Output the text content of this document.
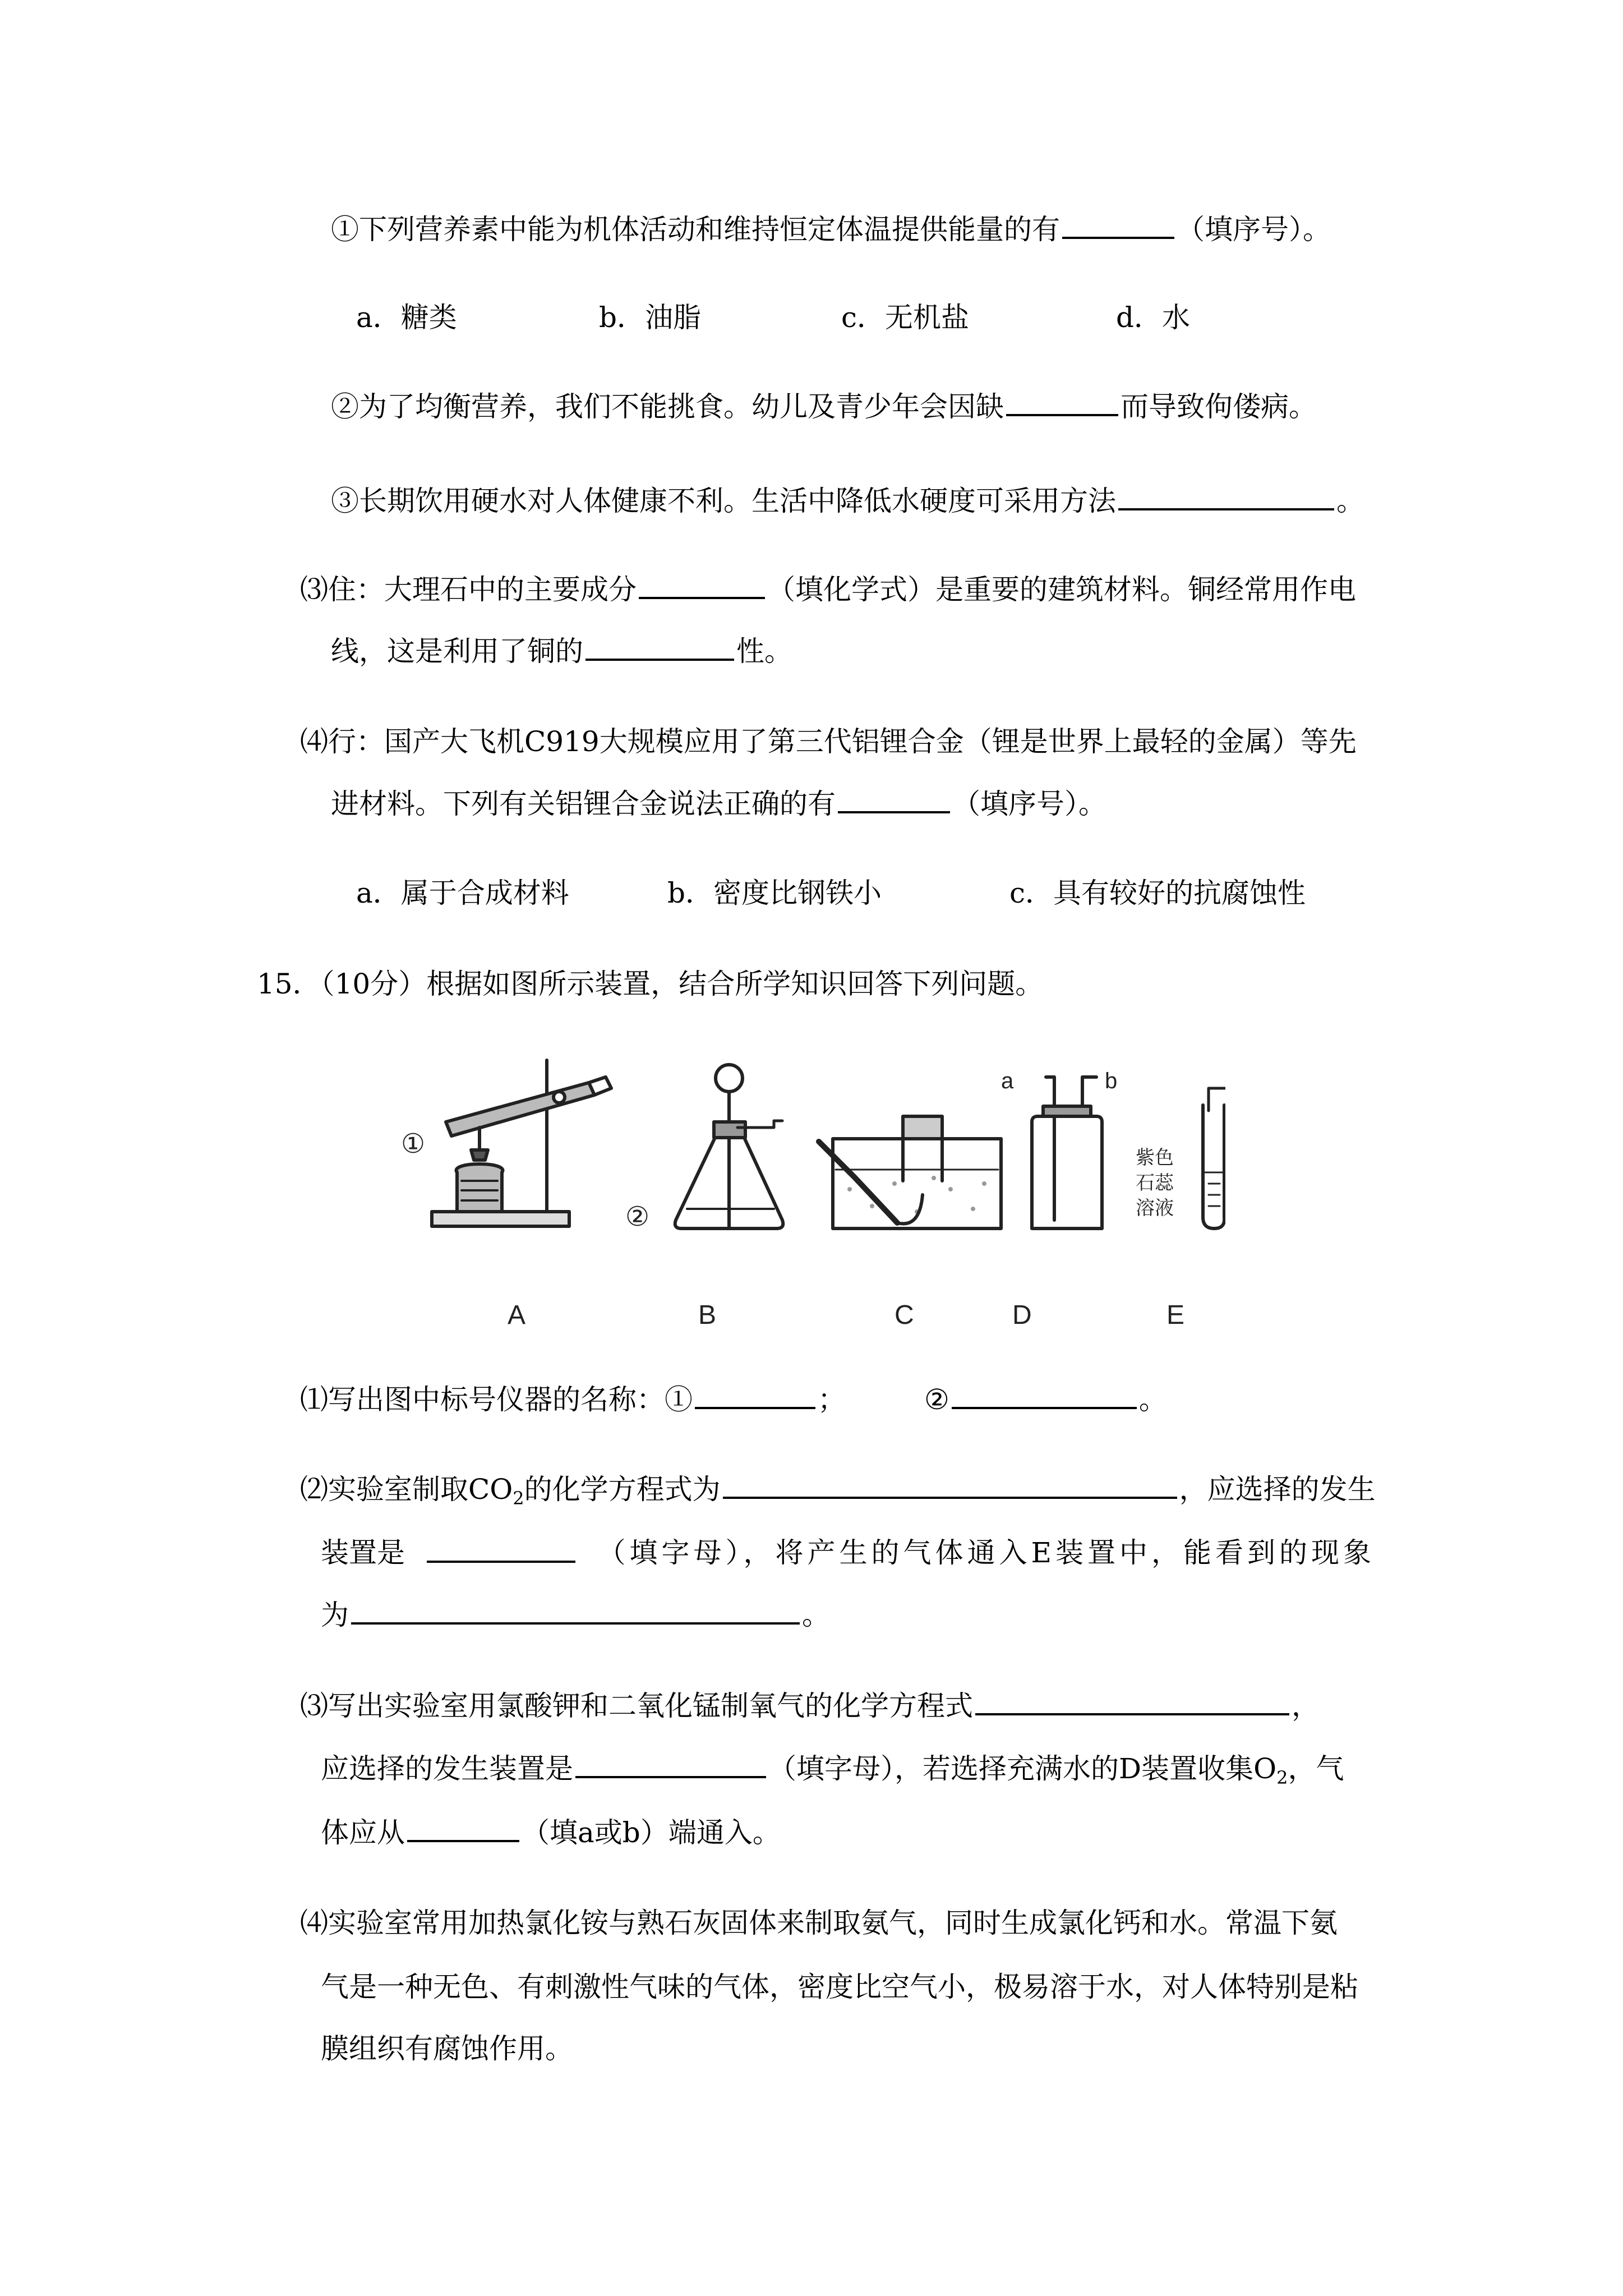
①下列营养素中能为机体活动和维持恒定体温提供能量的有	（填序号）。
a．糖类	b．油脂	c．无机盐	d．水
②为了均衡营养，我们不能挑食。幼儿及青少年会因缺	而导致佝偻病。
③长期饮用硬水对人体健康不利。生活中降低水硬度可采用方法	。
⑶住：大理石中的主要成分	（填化学式）是重要的建筑材料。铜经常用作电
线，这是利用了铜的	性。
⑷行：国产大飞机C919大规模应用了第三代铝锂合金（锂是世界上最轻的金属）等先
进材料。下列有关铝锂合金说法正确的有	（填序号）。
a．属于合成材料	b．密度比钢铁小	c．具有较好的抗腐蚀性
15．（10分）根据如图所示装置，结合所学知识回答下列问题。
①
②
a	b
紫色
石蕊
溶液
A	B	C	D	E
⑴写出图中标号仪器的名称：①	；	②	。
⑵实验室制取$CO_2$的化学方程式为	，应选择的发生
装置是	（填字母），将产生的气体通入E装置中，能看到的现象
为	。
⑶写出实验室用氯酸钾和二氧化锰制氧气的化学方程式	，
应选择的发生装置是	（填字母），若选择充满水的D装置收集$O_2$，气
体应从	（填a或b）端通入。
⑷实验室常用加热氯化铵与熟石灰固体来制取氨气，同时生成氯化钙和水。常温下氨
气是一种无色、有刺激性气味的气体，密度比空气小，极易溶于水，对人体特别是粘
膜组织有腐蚀作用。
